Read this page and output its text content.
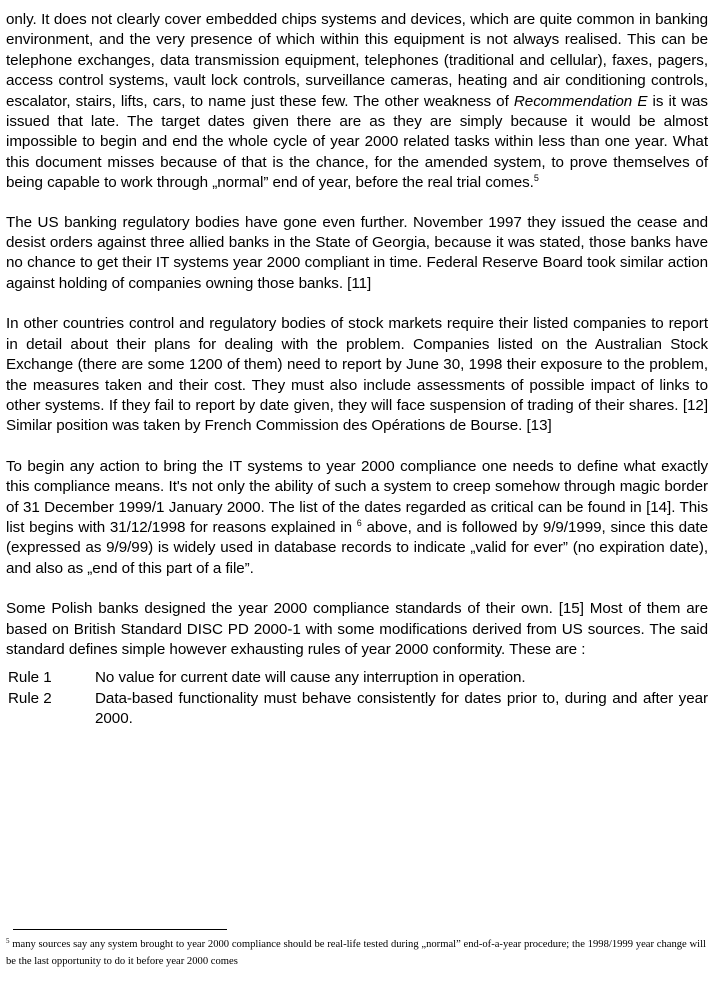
only. It does not clearly cover embedded chips systems and devices, which are quite common in banking environment, and the very presence of which within this equipment is not always realised. This can be telephone exchanges, data transmission equipment, telephones (traditional and cellular), faxes, pagers, access control systems, vault lock controls, surveillance cameras, heating and air conditioning controls, escalator, stairs, lifts, cars, to name just these few. The other weakness of Recommendation E is it was issued that late. The target dates given there are as they are simply because it would be almost impossible to begin and end the whole cycle of year 2000 related tasks within less than one year. What this document misses because of that is the chance, for the amended system, to prove themselves of being capable to work through „normal” end of year, before the real trial comes.$^5$

The US banking regulatory bodies have gone even further. November 1997 they issued the cease and desist orders against three allied banks in the State of Georgia, because it was stated, those banks have no chance to get their IT systems year 2000 compliant in time. Federal Reserve Board took similar action against holding of companies owning those banks. [11]

In other countries control and regulatory bodies of stock markets require their listed companies to report in detail about their plans for dealing with the problem. Companies listed on the Australian Stock Exchange (there are some 1200 of them) need to report by June 30, 1998 their exposure to the problem, the measures taken and their cost. They must also include assessments of possible impact of links to other systems. If they fail to report by date given, they will face suspension of trading of their shares. [12] Similar position was taken by French Commission des Opérations de Bourse. [13]

To begin any action to bring the IT systems to year 2000 compliance one needs to define what exactly this compliance means. It's not only the ability of such a system to creep somehow through magic border of 31 December 1999/1 January 2000. The list of the dates regarded as critical can be found in [14]. This list begins with 31/12/1998 for reasons explained in $^6$ above, and is followed by 9/9/1999, since this date (expressed as 9/9/99) is widely used in database records to indicate „valid for ever” (no expiration date), and also as „end of this part of a file”.

Some Polish banks designed the year 2000 compliance standards of their own. [15] Most of them are based on British Standard DISC PD 2000-1 with some modifications derived from US sources. The said standard defines simple however exhausting rules of year 2000 conformity. These are :

Rule 1	No value for current date will cause any interruption in operation.
Rule 2	Data-based functionality must behave consistently for dates prior to, during and after year 2000.
$^5$ many sources say any system brought to year 2000 compliance should be real-life tested during „normal” end-of-a-year procedure; the 1998/1999 year change will be the last opportunity to do it before year 2000 comes
